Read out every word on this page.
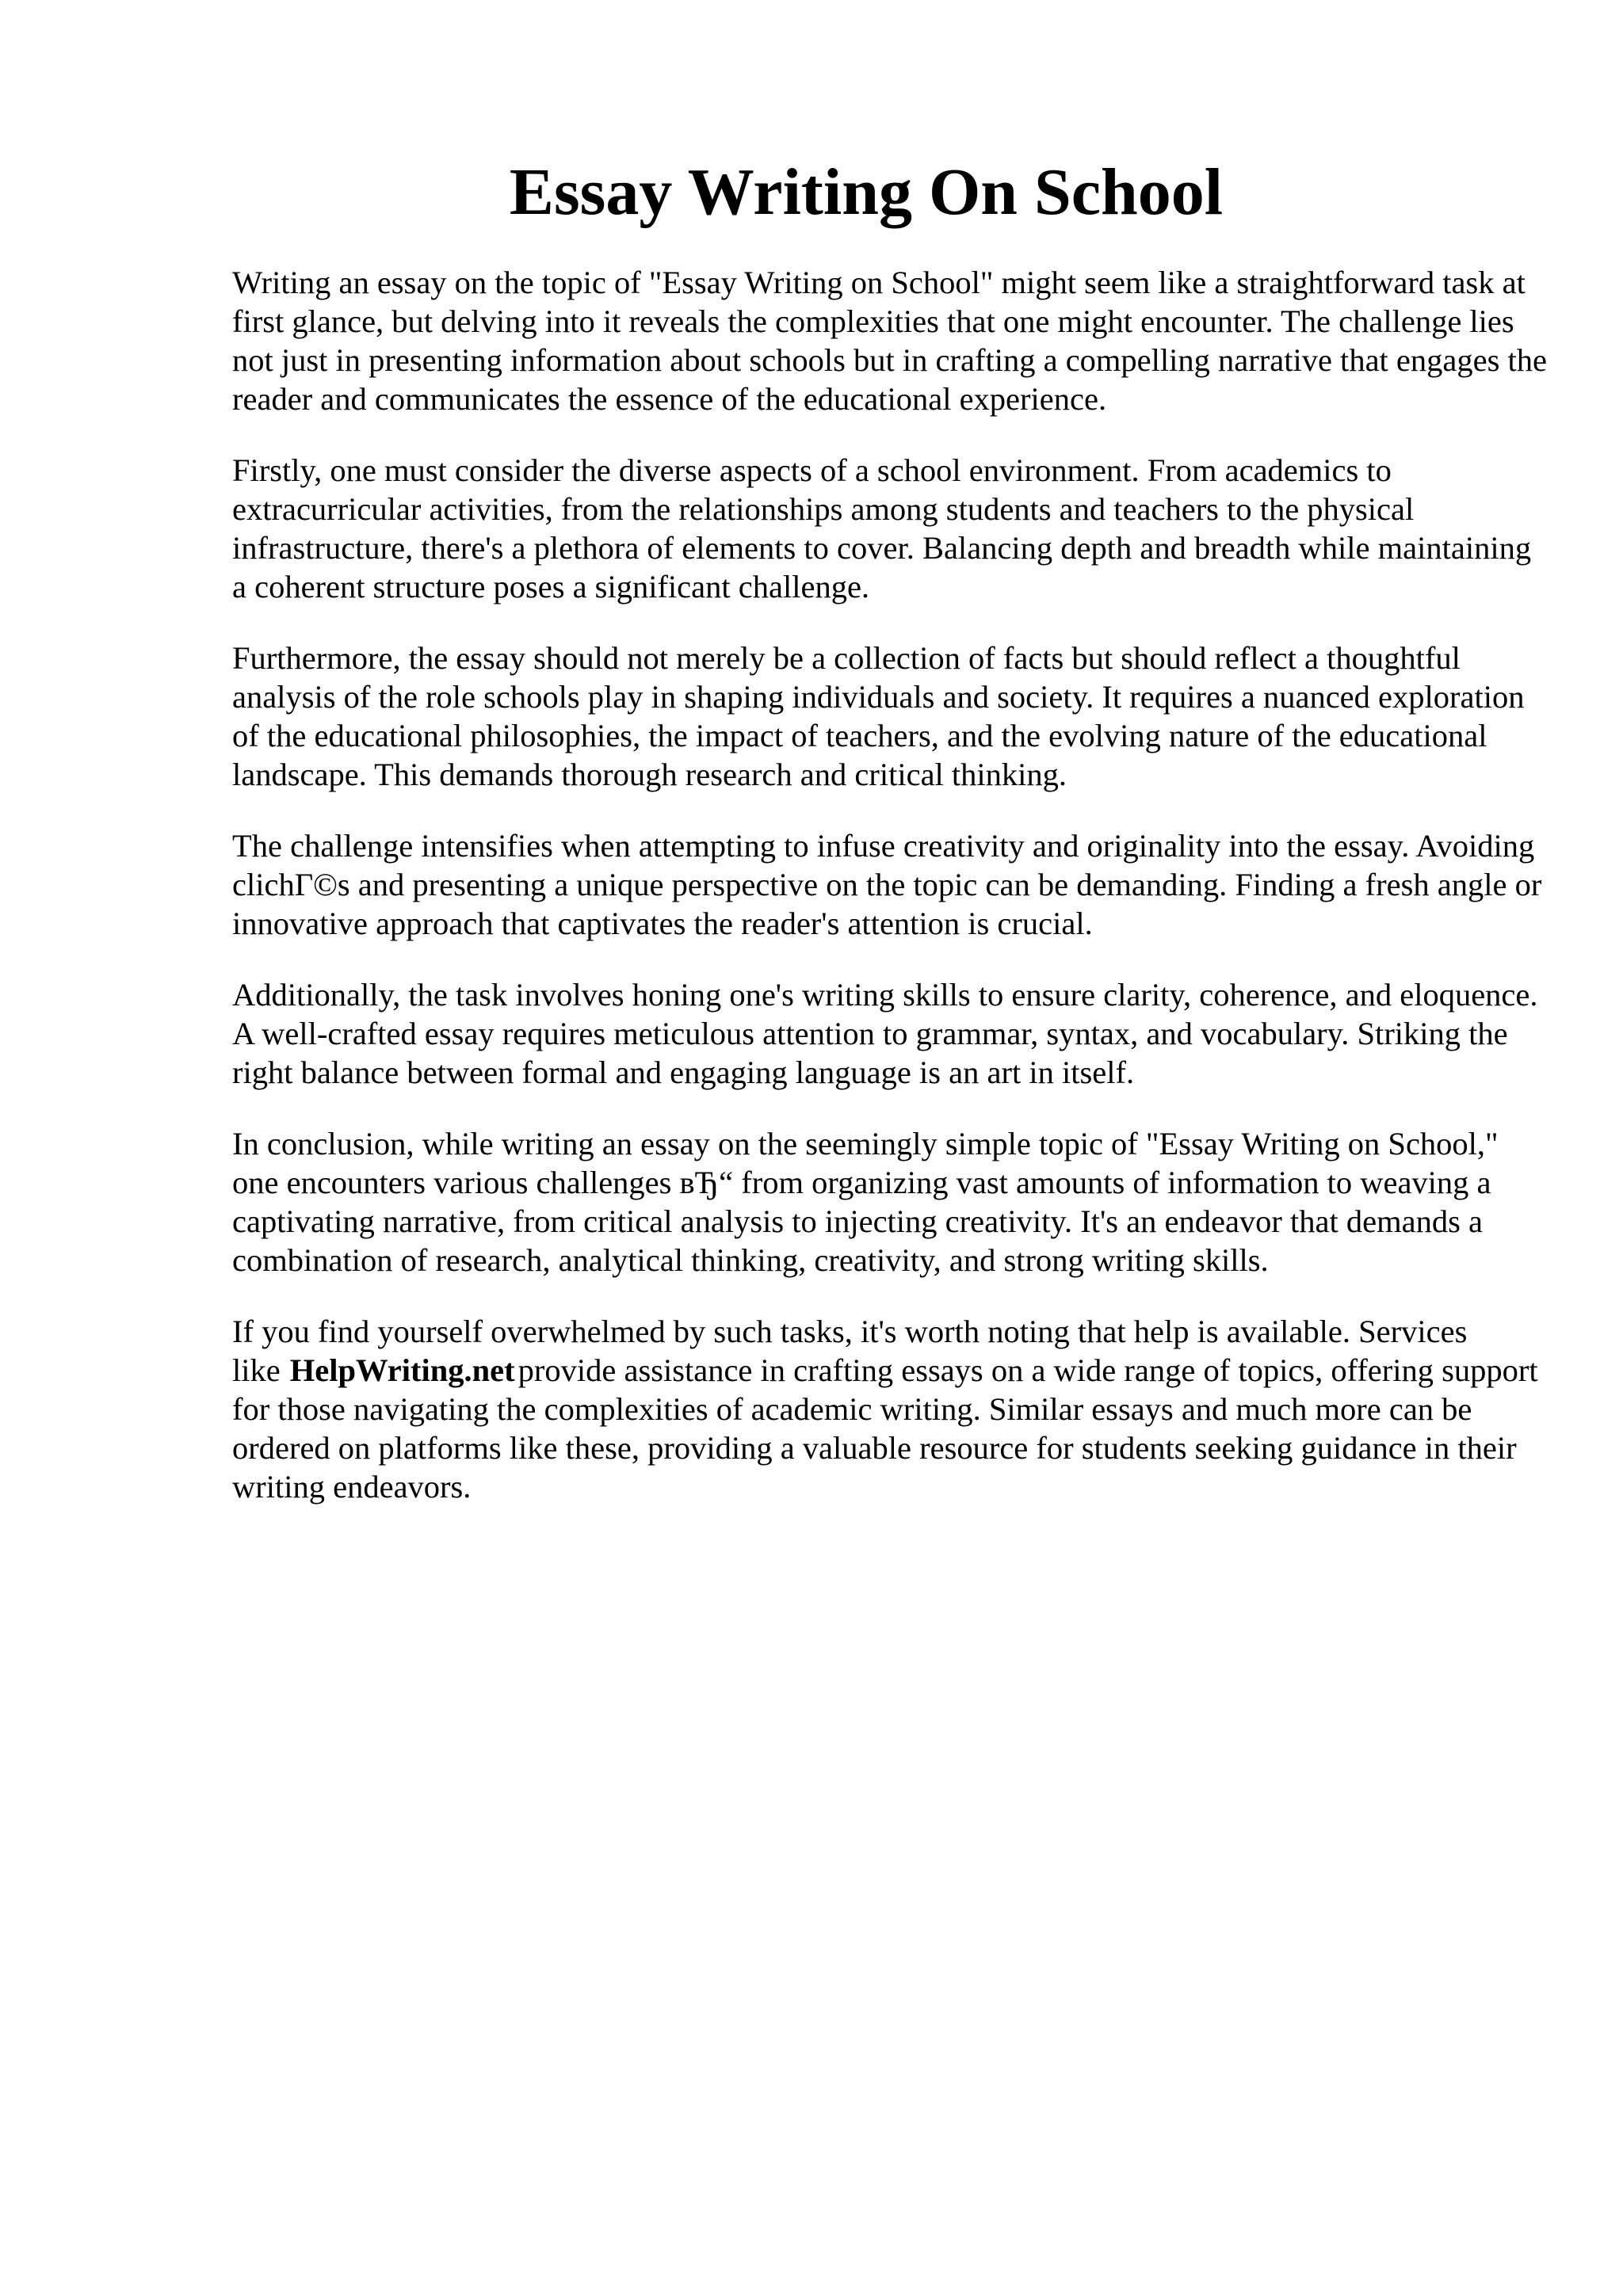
Essay Writing On School

Writing an essay on the topic of "Essay Writing on School" might seem like a straightforward task at first glance, but delving into it reveals the complexities that one might encounter. The challenge lies not just in presenting information about schools but in crafting a compelling narrative that engages the reader and communicates the essence of the educational experience.

Firstly, one must consider the diverse aspects of a school environment. From academics to extracurricular activities, from the relationships among students and teachers to the physical infrastructure, there's a plethora of elements to cover. Balancing depth and breadth while maintaining a coherent structure poses a significant challenge.

Furthermore, the essay should not merely be a collection of facts but should reflect a thoughtful analysis of the role schools play in shaping individuals and society. It requires a nuanced exploration of the educational philosophies, the impact of teachers, and the evolving nature of the educational landscape. This demands thorough research and critical thinking.

The challenge intensifies when attempting to infuse creativity and originality into the essay. Avoiding clichГ©s and presenting a unique perspective on the topic can be demanding. Finding a fresh angle or innovative approach that captivates the reader's attention is crucial.

Additionally, the task involves honing one's writing skills to ensure clarity, coherence, and eloquence. A well-crafted essay requires meticulous attention to grammar, syntax, and vocabulary. Striking the right balance between formal and engaging language is an art in itself.

In conclusion, while writing an essay on the seemingly simple topic of "Essay Writing on School," one encounters various challenges вЂ“ from organizing vast amounts of information to weaving a captivating narrative, from critical analysis to injecting creativity. It's an endeavor that demands a combination of research, analytical thinking, creativity, and strong writing skills.

If you find yourself overwhelmed by such tasks, it's worth noting that help is available. Services like HelpWriting.netprovide assistance in crafting essays on a wide range of topics, offering support for those navigating the complexities of academic writing. Similar essays and much more can be ordered on platforms like these, providing a valuable resource for students seeking guidance in their writing endeavors.
